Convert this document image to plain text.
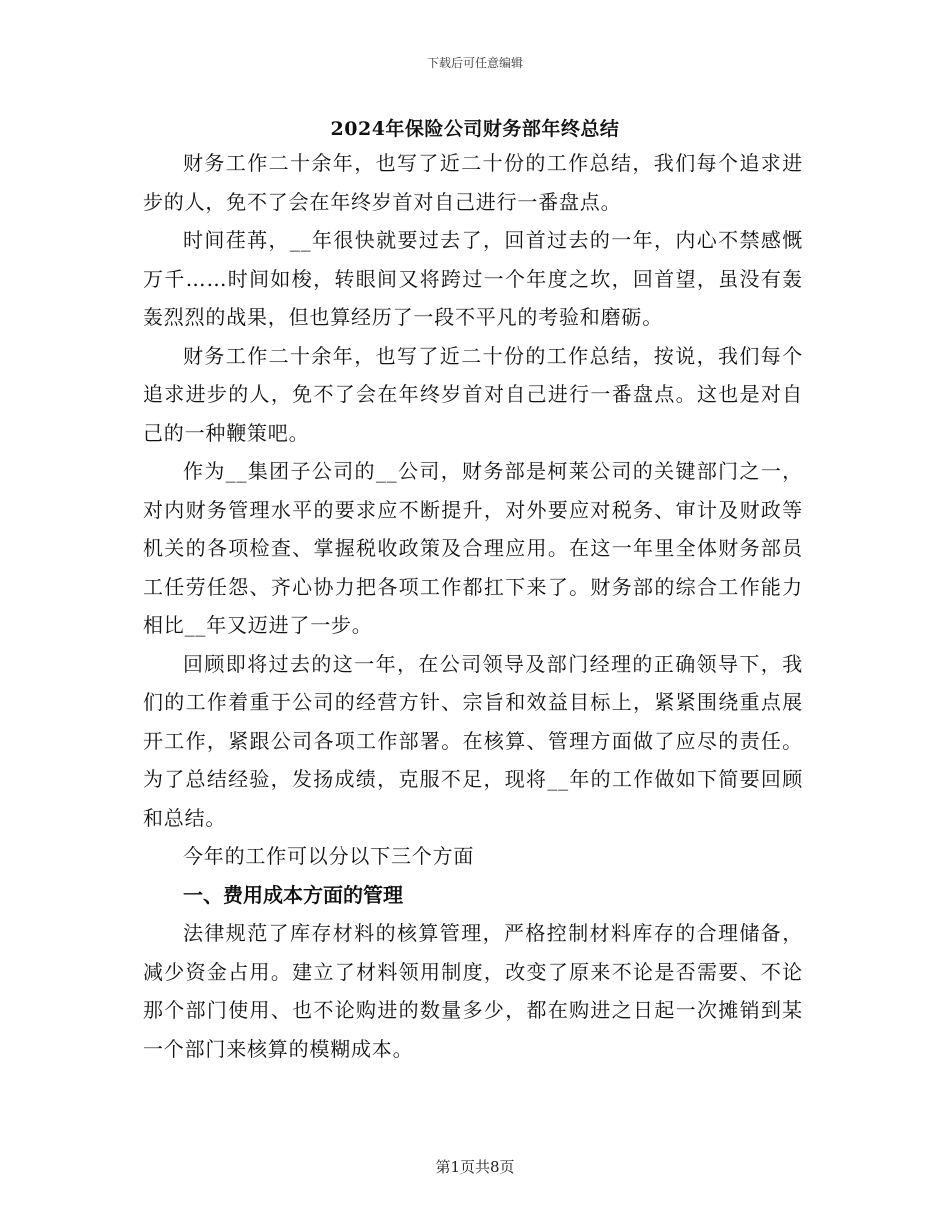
下载后可任意编辑
2024年保险公司财务部年终总结

财务工作二十余年，也写了近二十份的工作总结，我们每个追求进步的人，免不了会在年终岁首对自己进行一番盘点。

时间荏苒，__年很快就要过去了，回首过去的一年，内心不禁感慨万千……时间如梭，转眼间又将跨过一个年度之坎，回首望，虽没有轰轰烈烈的战果，但也算经历了一段不平凡的考验和磨砺。

财务工作二十余年，也写了近二十份的工作总结，按说，我们每个追求进步的人，免不了会在年终岁首对自己进行一番盘点。这也是对自己的一种鞭策吧。

作为__集团子公司的__公司，财务部是柯莱公司的关键部门之一，对内财务管理水平的要求应不断提升，对外要应对税务、审计及财政等机关的各项检查、掌握税收政策及合理应用。在这一年里全体财务部员工任劳任怨、齐心协力把各项工作都扛下来了。财务部的综合工作能力相比__年又迈进了一步。

回顾即将过去的这一年，在公司领导及部门经理的正确领导下，我们的工作着重于公司的经营方针、宗旨和效益目标上，紧紧围绕重点展开工作，紧跟公司各项工作部署。在核算、管理方面做了应尽的责任。为了总结经验，发扬成绩，克服不足，现将__年的工作做如下简要回顾和总结。

今年的工作可以分以下三个方面

一、费用成本方面的管理

法律规范了库存材料的核算管理，严格控制材料库存的合理储备，减少资金占用。建立了材料领用制度，改变了原来不论是否需要、不论那个部门使用、也不论购进的数量多少，都在购进之日起一次摊销到某一个部门来核算的模糊成本。

第1页共8页
